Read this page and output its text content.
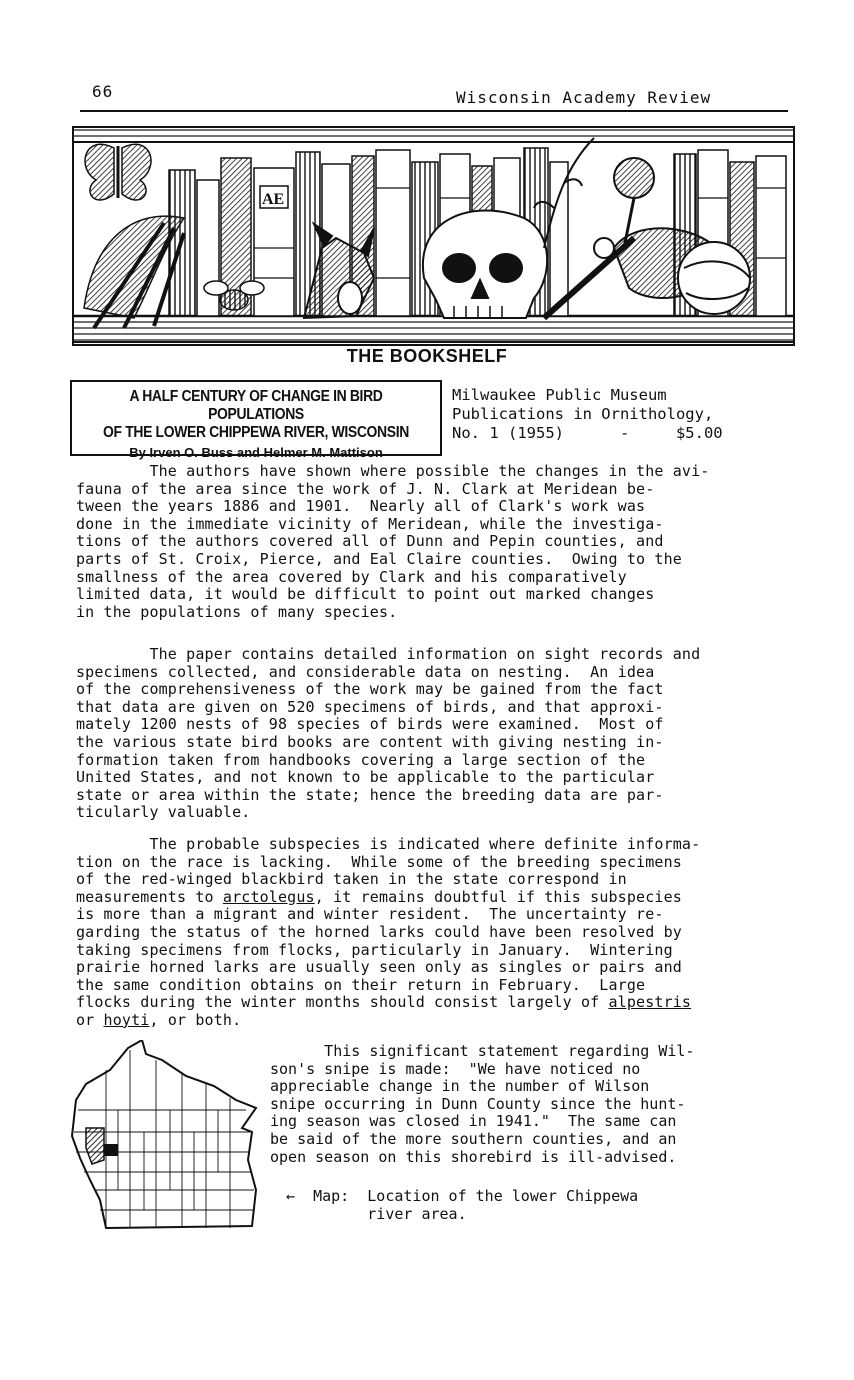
66	Wisconsin Academy Review
AE
THE BOOKSHELF
A HALF CENTURY OF CHANGE IN BIRD POPULATIONS
OF THE LOWER CHIPPEWA RIVER, WISCONSIN
By Irven O. Buss and Helmer M. Mattison
Milwaukee Public Museum
Publications in Ornithology,
No. 1 (1955)      -     $5.00
The authors have shown where possible the changes in the avi-
fauna of the area since the work of J. N. Clark at Meridean be-
tween the years 1886 and 1901.  Nearly all of Clark's work was
done in the immediate vicinity of Meridean, while the investiga-
tions of the authors covered all of Dunn and Pepin counties, and
parts of St. Croix, Pierce, and Eal Claire counties.  Owing to the
smallness of the area covered by Clark and his comparatively
limited data, it would be difficult to point out marked changes
in the populations of many species.
The paper contains detailed information on sight records and
specimens collected, and considerable data on nesting.  An idea
of the comprehensiveness of the work may be gained from the fact
that data are given on 520 specimens of birds, and that approxi-
mately 1200 nests of 98 species of birds were examined.  Most of
the various state bird books are content with giving nesting in-
formation taken from handbooks covering a large section of the
United States, and not known to be applicable to the particular
state or area within the state; hence the breeding data are par-
ticularly valuable.
The probable subspecies is indicated where definite informa-
tion on the race is lacking.  While some of the breeding specimens
of the red-winged blackbird taken in the state correspond in
measurements to arctolegus, it remains doubtful if this subspecies
is more than a migrant and winter resident.  The uncertainty re-
garding the status of the horned larks could have been resolved by
taking specimens from flocks, particularly in January.  Wintering
prairie horned larks are usually seen only as singles or pairs and
the same condition obtains on their return in February.  Large
flocks during the winter months should consist largely of alpestris
or hoyti, or both.
This significant statement regarding Wil-
son's snipe is made:  "We have noticed no
appreciable change in the number of Wilson
snipe occurring in Dunn County since the hunt-
ing season was closed in 1941."  The same can
be said of the more southern counties, and an
open season on this shorebird is ill-advised.
← Map:  Location of the lower Chippewa
river area.
